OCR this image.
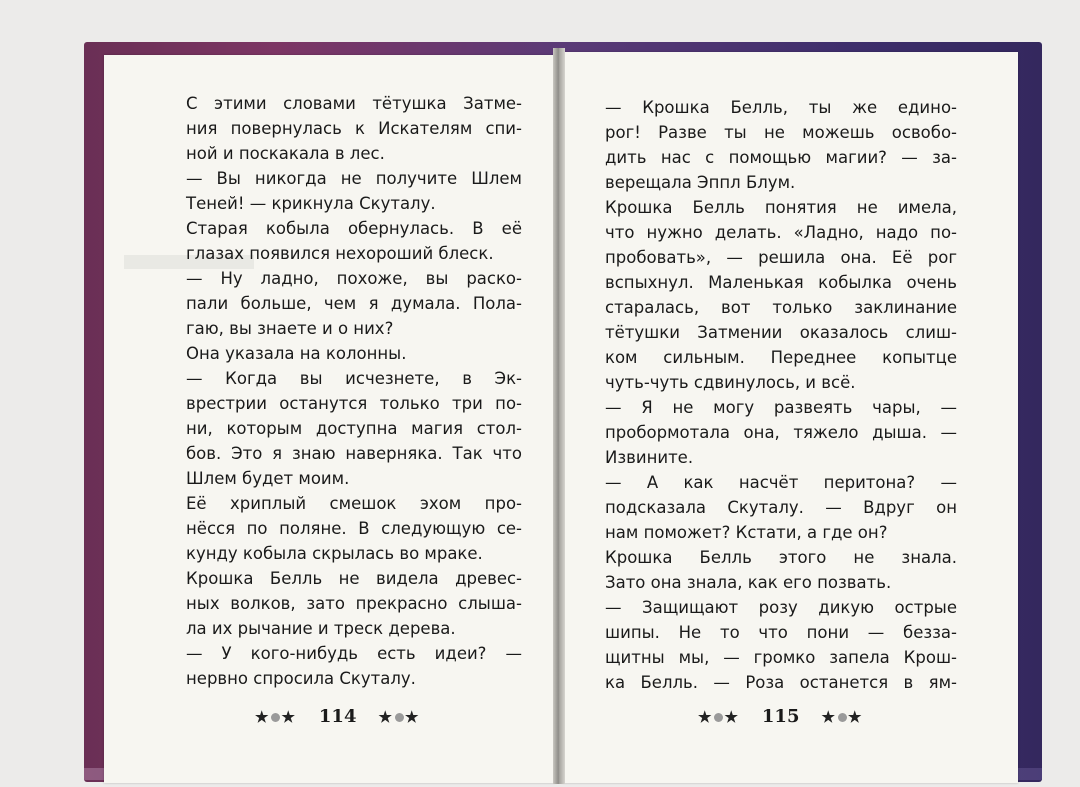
С этими словами тётушка Затме-
ния повернулась к Искателям спи-
ной и поскакала в лес.
— Вы никогда не получите Шлем
Теней! — крикнула Скуталу.
Старая кобыла обернулась. В её
глазах появился нехороший блеск.
— Ну ладно, похоже, вы раско-
пали больше, чем я думала. Пола-
гаю, вы знаете и о них?
Она указала на колонны.
— Когда вы исчезнете, в Эк-
врестрии останутся только три по-
ни, которым доступна магия стол-
бов. Это я знаю наверняка. Так что
Шлем будет моим.
Её хриплый смешок эхом про-
нёсся по поляне. В следующую се-
кунду кобыла скрылась во мраке.
Крошка Белль не видела древес-
ных волков, зато прекрасно слыша-
ла их рычание и треск дерева.
— У кого-нибудь есть идеи? —
нервно спросила Скуталу.
— Крошка Белль, ты же едино-
рог! Разве ты не можешь освобо-
дить нас с помощью магии? — за-
верещала Эппл Блум.
Крошка Белль понятия не имела,
что нужно делать. «Ладно, надо по-
пробовать», — решила она. Её рог
вспыхнул. Маленькая кобылка очень
старалась, вот только заклинание
тётушки Затмении оказалось слиш-
ком сильным. Переднее копытце
чуть-чуть сдвинулось, и всё.
— Я не могу развеять чары, —
пробормотала она, тяжело дыша. —
Извините.
— А как насчёт перитона? —
подсказала Скуталу. — Вдруг он
нам поможет? Кстати, а где он?
Крошка Белль этого не знала.
Зато она знала, как его позвать.
— Защищают розу дикую острые
шипы. Не то что пони — безза-
щитны мы, — громко запела Крош-
ка Белль. — Роза останется в ям-
★ ★ 114 ★ ★	★ ★ 115 ★ ★
